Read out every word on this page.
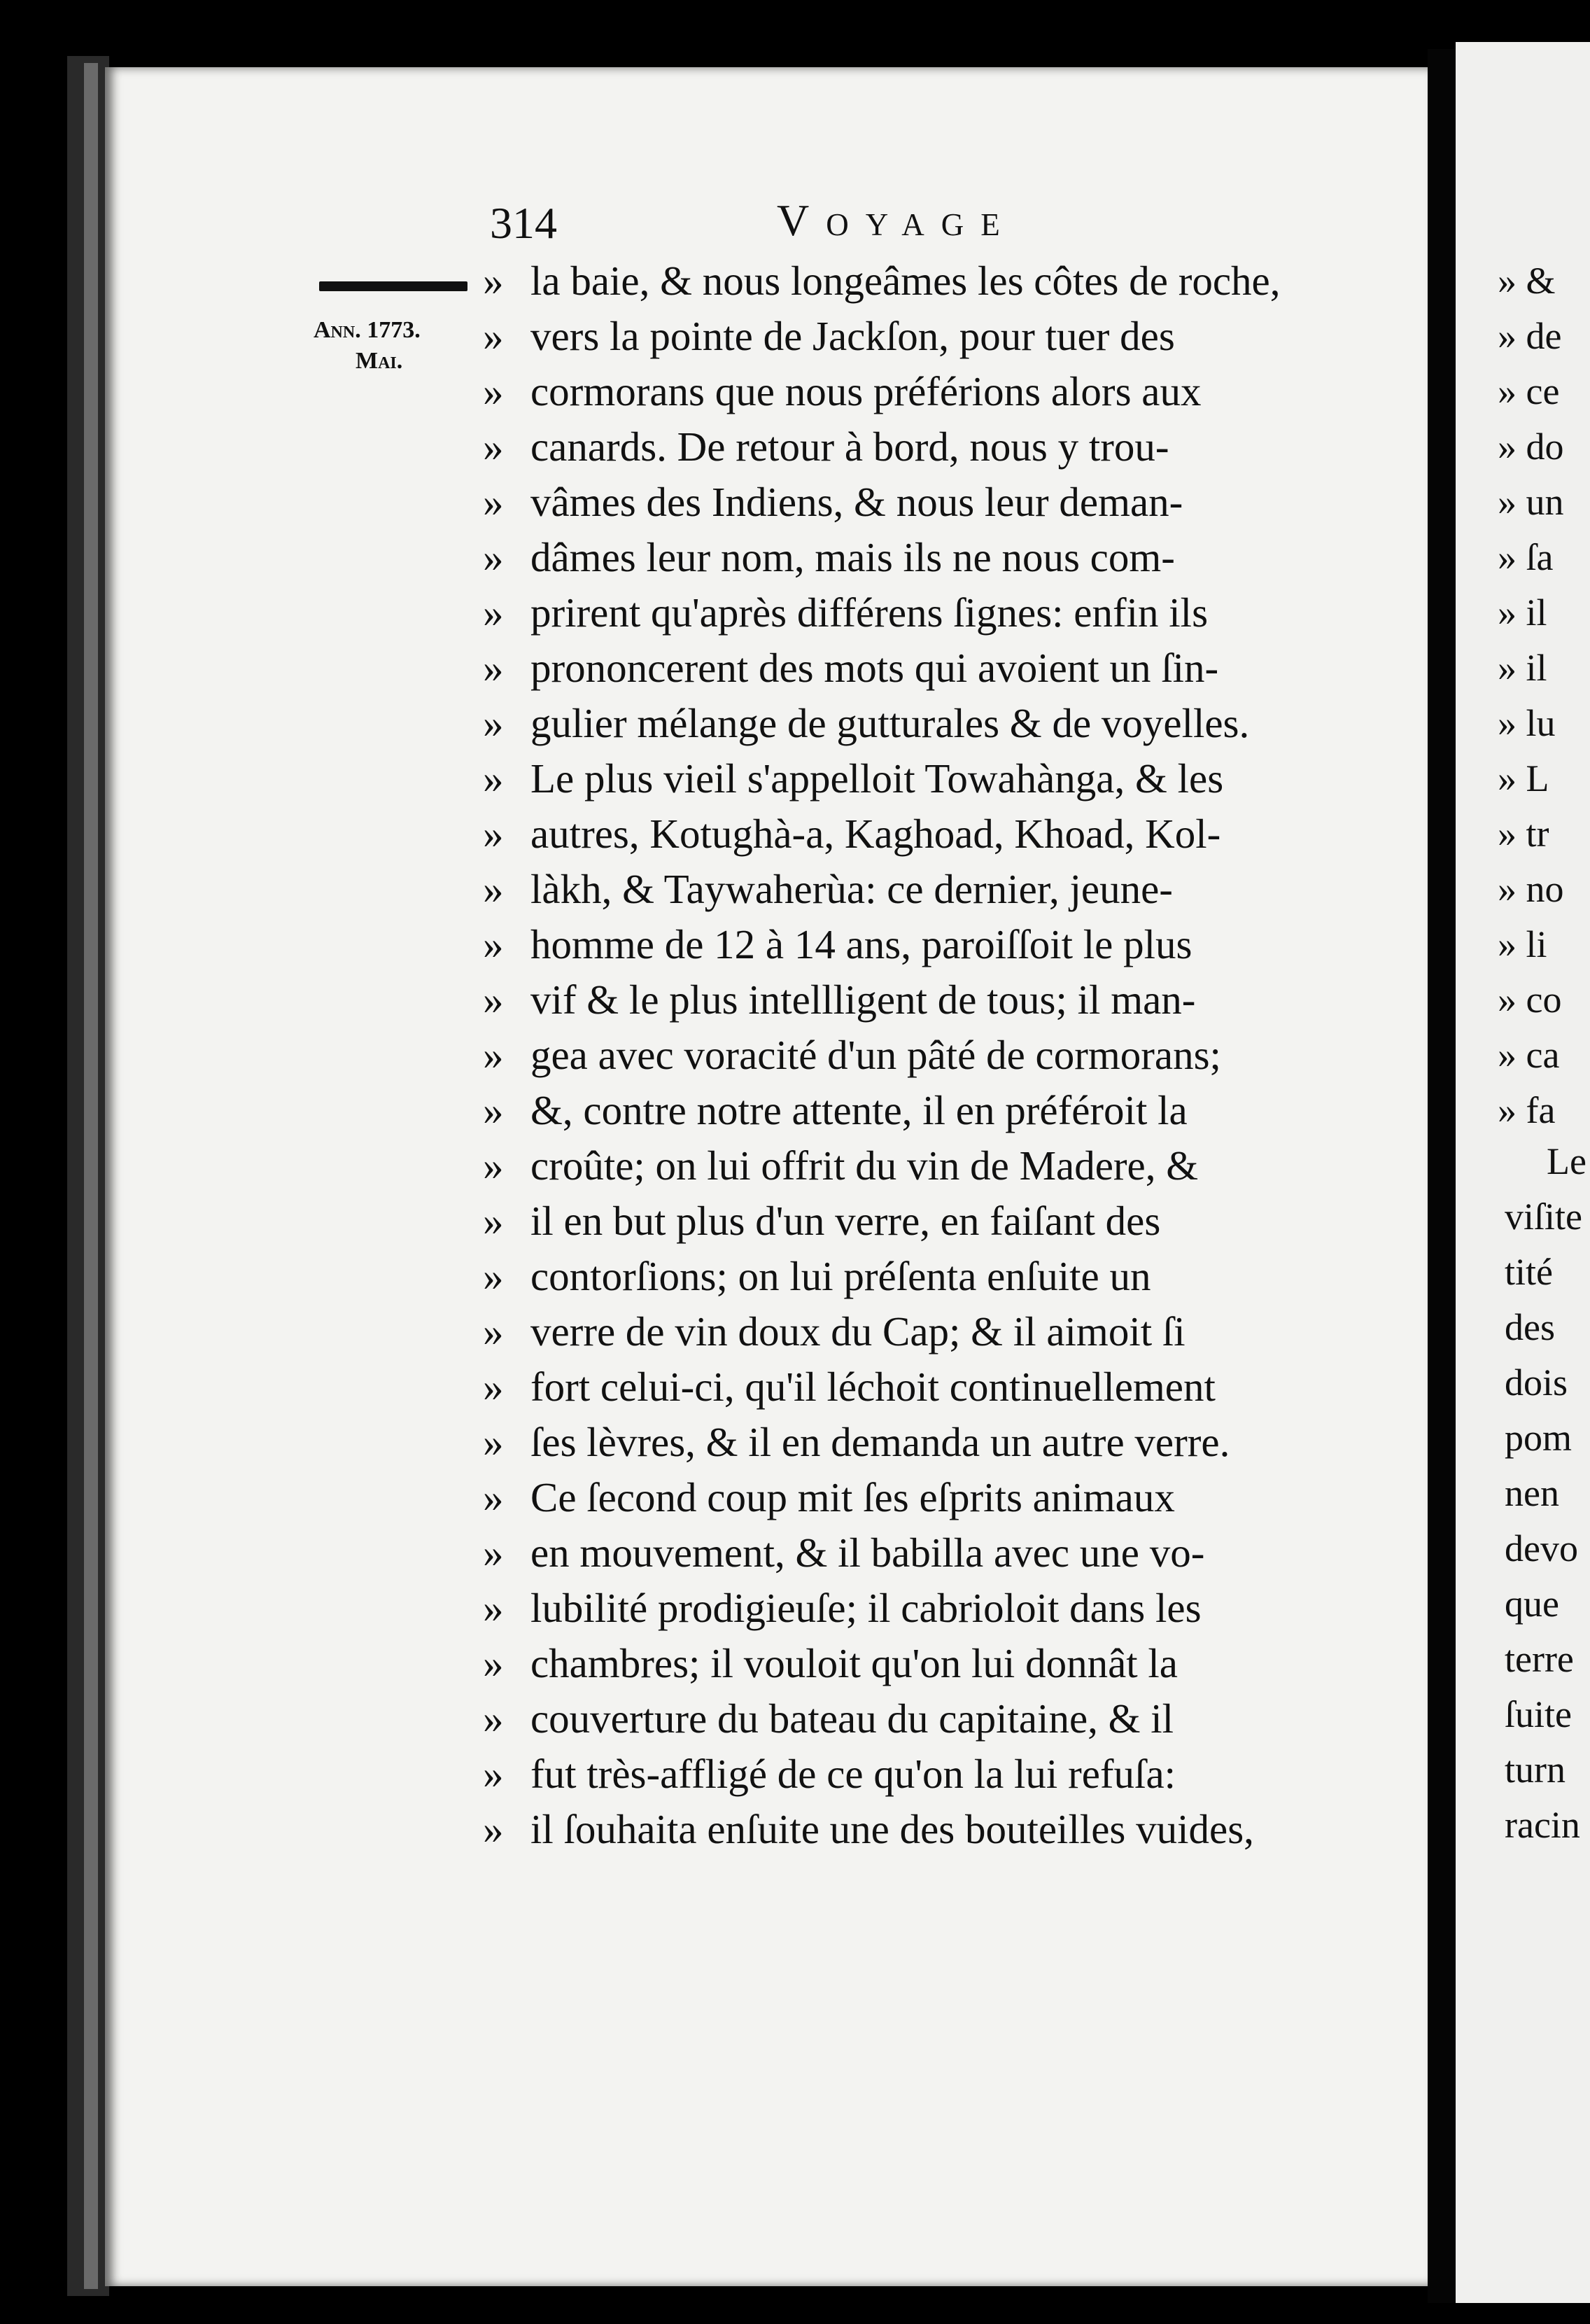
314	Voyage
Ann. 1773.
Mai.
» la baie, & nous longeâmes les côtes de roche,
» vers la pointe de Jackſon, pour tuer des
» cormorans que nous préférions alors aux
» canards. De retour à bord, nous y trou-
» vâmes des Indiens, & nous leur deman-
» dâmes leur nom, mais ils ne nous com-
» prirent qu'après différens ſignes: enfin ils
» prononcerent des mots qui avoient un ſin-
» gulier mélange de gutturales & de voyelles.
» Le plus vieil s'appelloit Towahànga, & les
» autres, Kotughà-a, Kaghoad, Khoad, Kol-
» làkh, & Taywaherùa: ce dernier, jeune-
» homme de 12 à 14 ans, paroiſſoit le plus
» vif & le plus intellligent de tous; il man-
» gea avec voracité d'un pâté de cormorans;
» &, contre notre attente, il en préféroit la
» croûte; on lui offrit du vin de Madere, &
» il en but plus d'un verre, en faiſant des
» contorſions; on lui préſenta enſuite un
» verre de vin doux du Cap; & il aimoit ſi
» fort celui-ci, qu'il léchoit continuellement
» ſes lèvres, & il en demanda un autre verre.
» Ce ſecond coup mit ſes eſprits animaux
» en mouvement, & il babilla avec une vo-
» lubilité prodigieuſe; il cabrioloit dans les
» chambres; il vouloit qu'on lui donnât la
» couverture du bateau du capitaine, & il
» fut très-affligé de ce qu'on la lui refuſa:
» il ſouhaita enſuite une des bouteilles vuides,
» &
» de
» ce
» do
» un
» ſa
» il
» il
» lu
» L
» tr
» no
» li
» co
» ca
» fa
Le
viſite
tité
des
dois
pom
nen
devo
que
terre
ſuite
turn
racin
